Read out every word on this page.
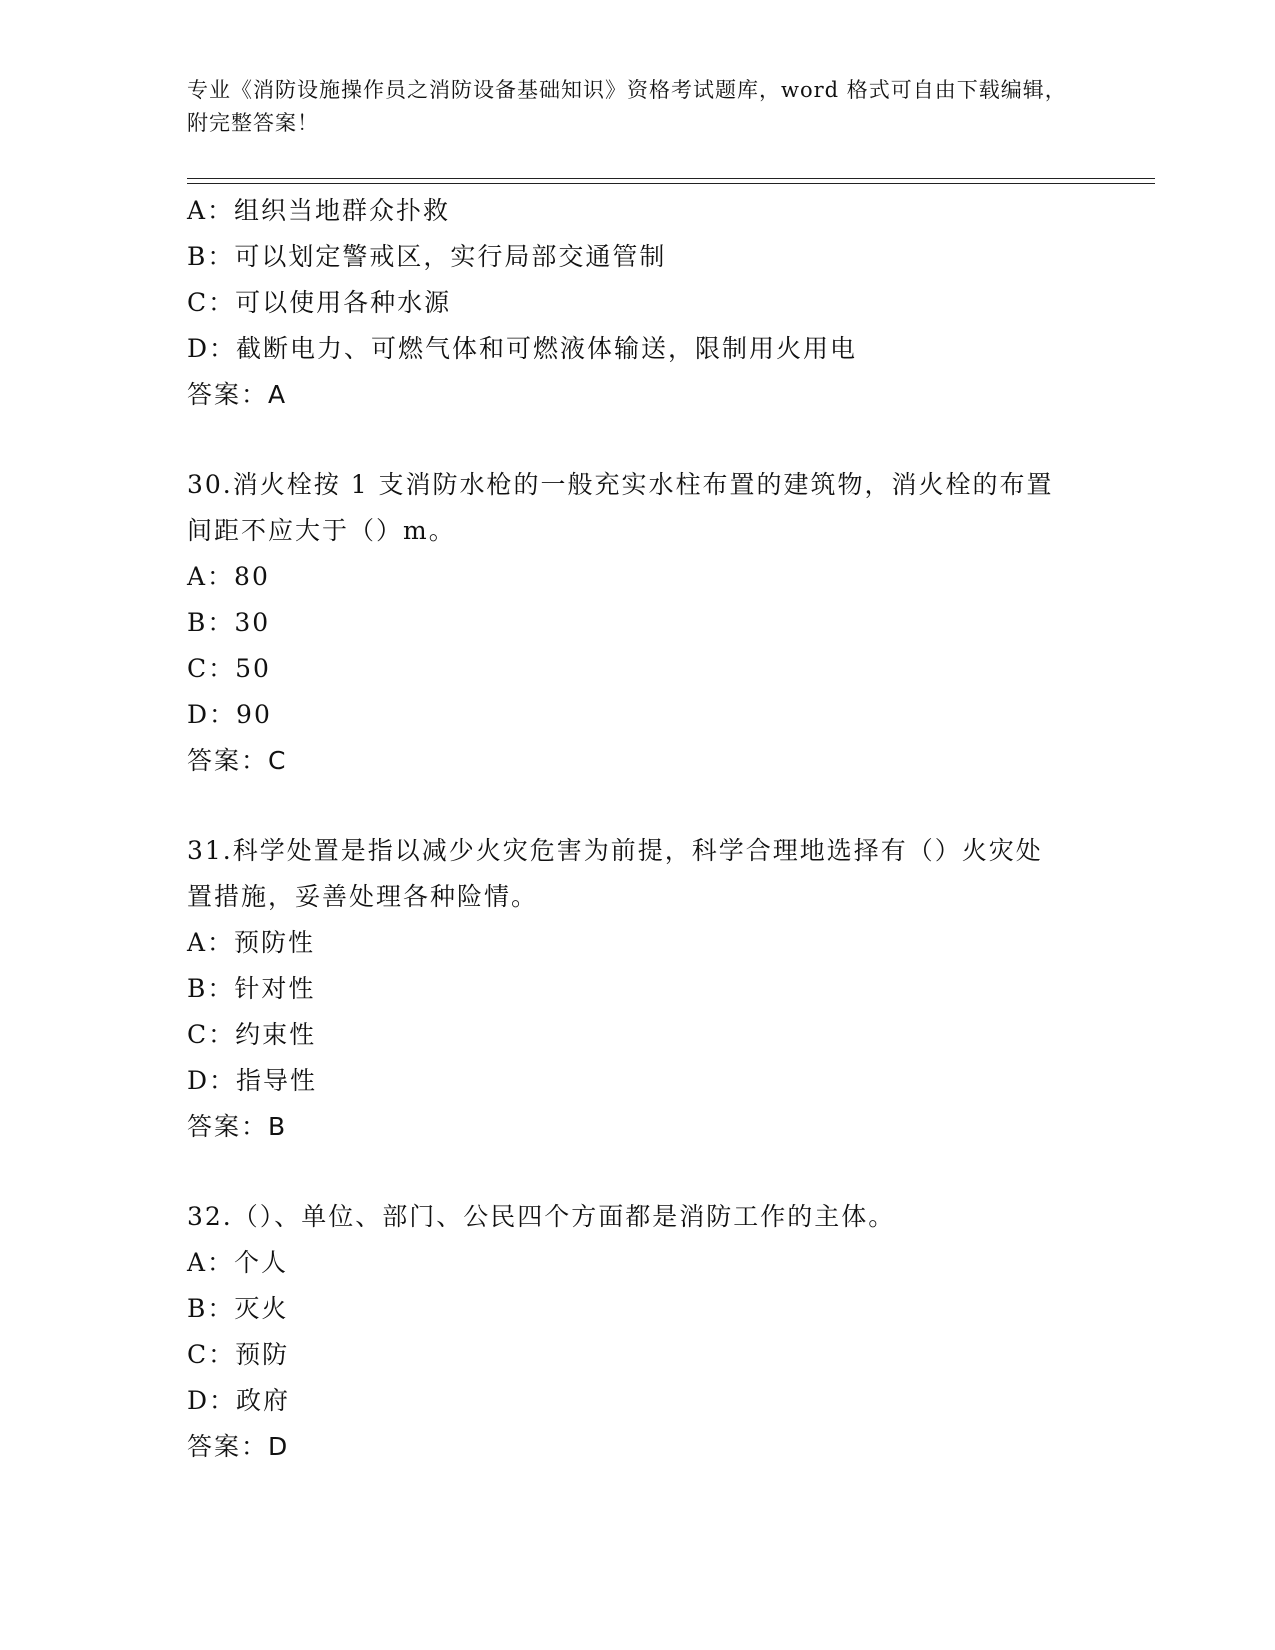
专业《消防设施操作员之消防设备基础知识》资格考试题库，word 格式可自由下载编辑，附完整答案！
A：组织当地群众扑救
B：可以划定警戒区，实行局部交通管制
C：可以使用各种水源
D：截断电力、可燃气体和可燃液体输送，限制用火用电
答案：A
30.消火栓按 1 支消防水枪的一般充实水柱布置的建筑物，消火栓的布置间距不应大于（）m。
A：80
B：30
C：50
D：90
答案：C
31.科学处置是指以减少火灾危害为前提，科学合理地选择有（）火灾处置措施，妥善处理各种险情。
A：预防性
B：针对性
C：约束性
D：指导性
答案：B
32.（）、单位、部门、公民四个方面都是消防工作的主体。
A：个人
B：灭火
C：预防
D：政府
答案：D
